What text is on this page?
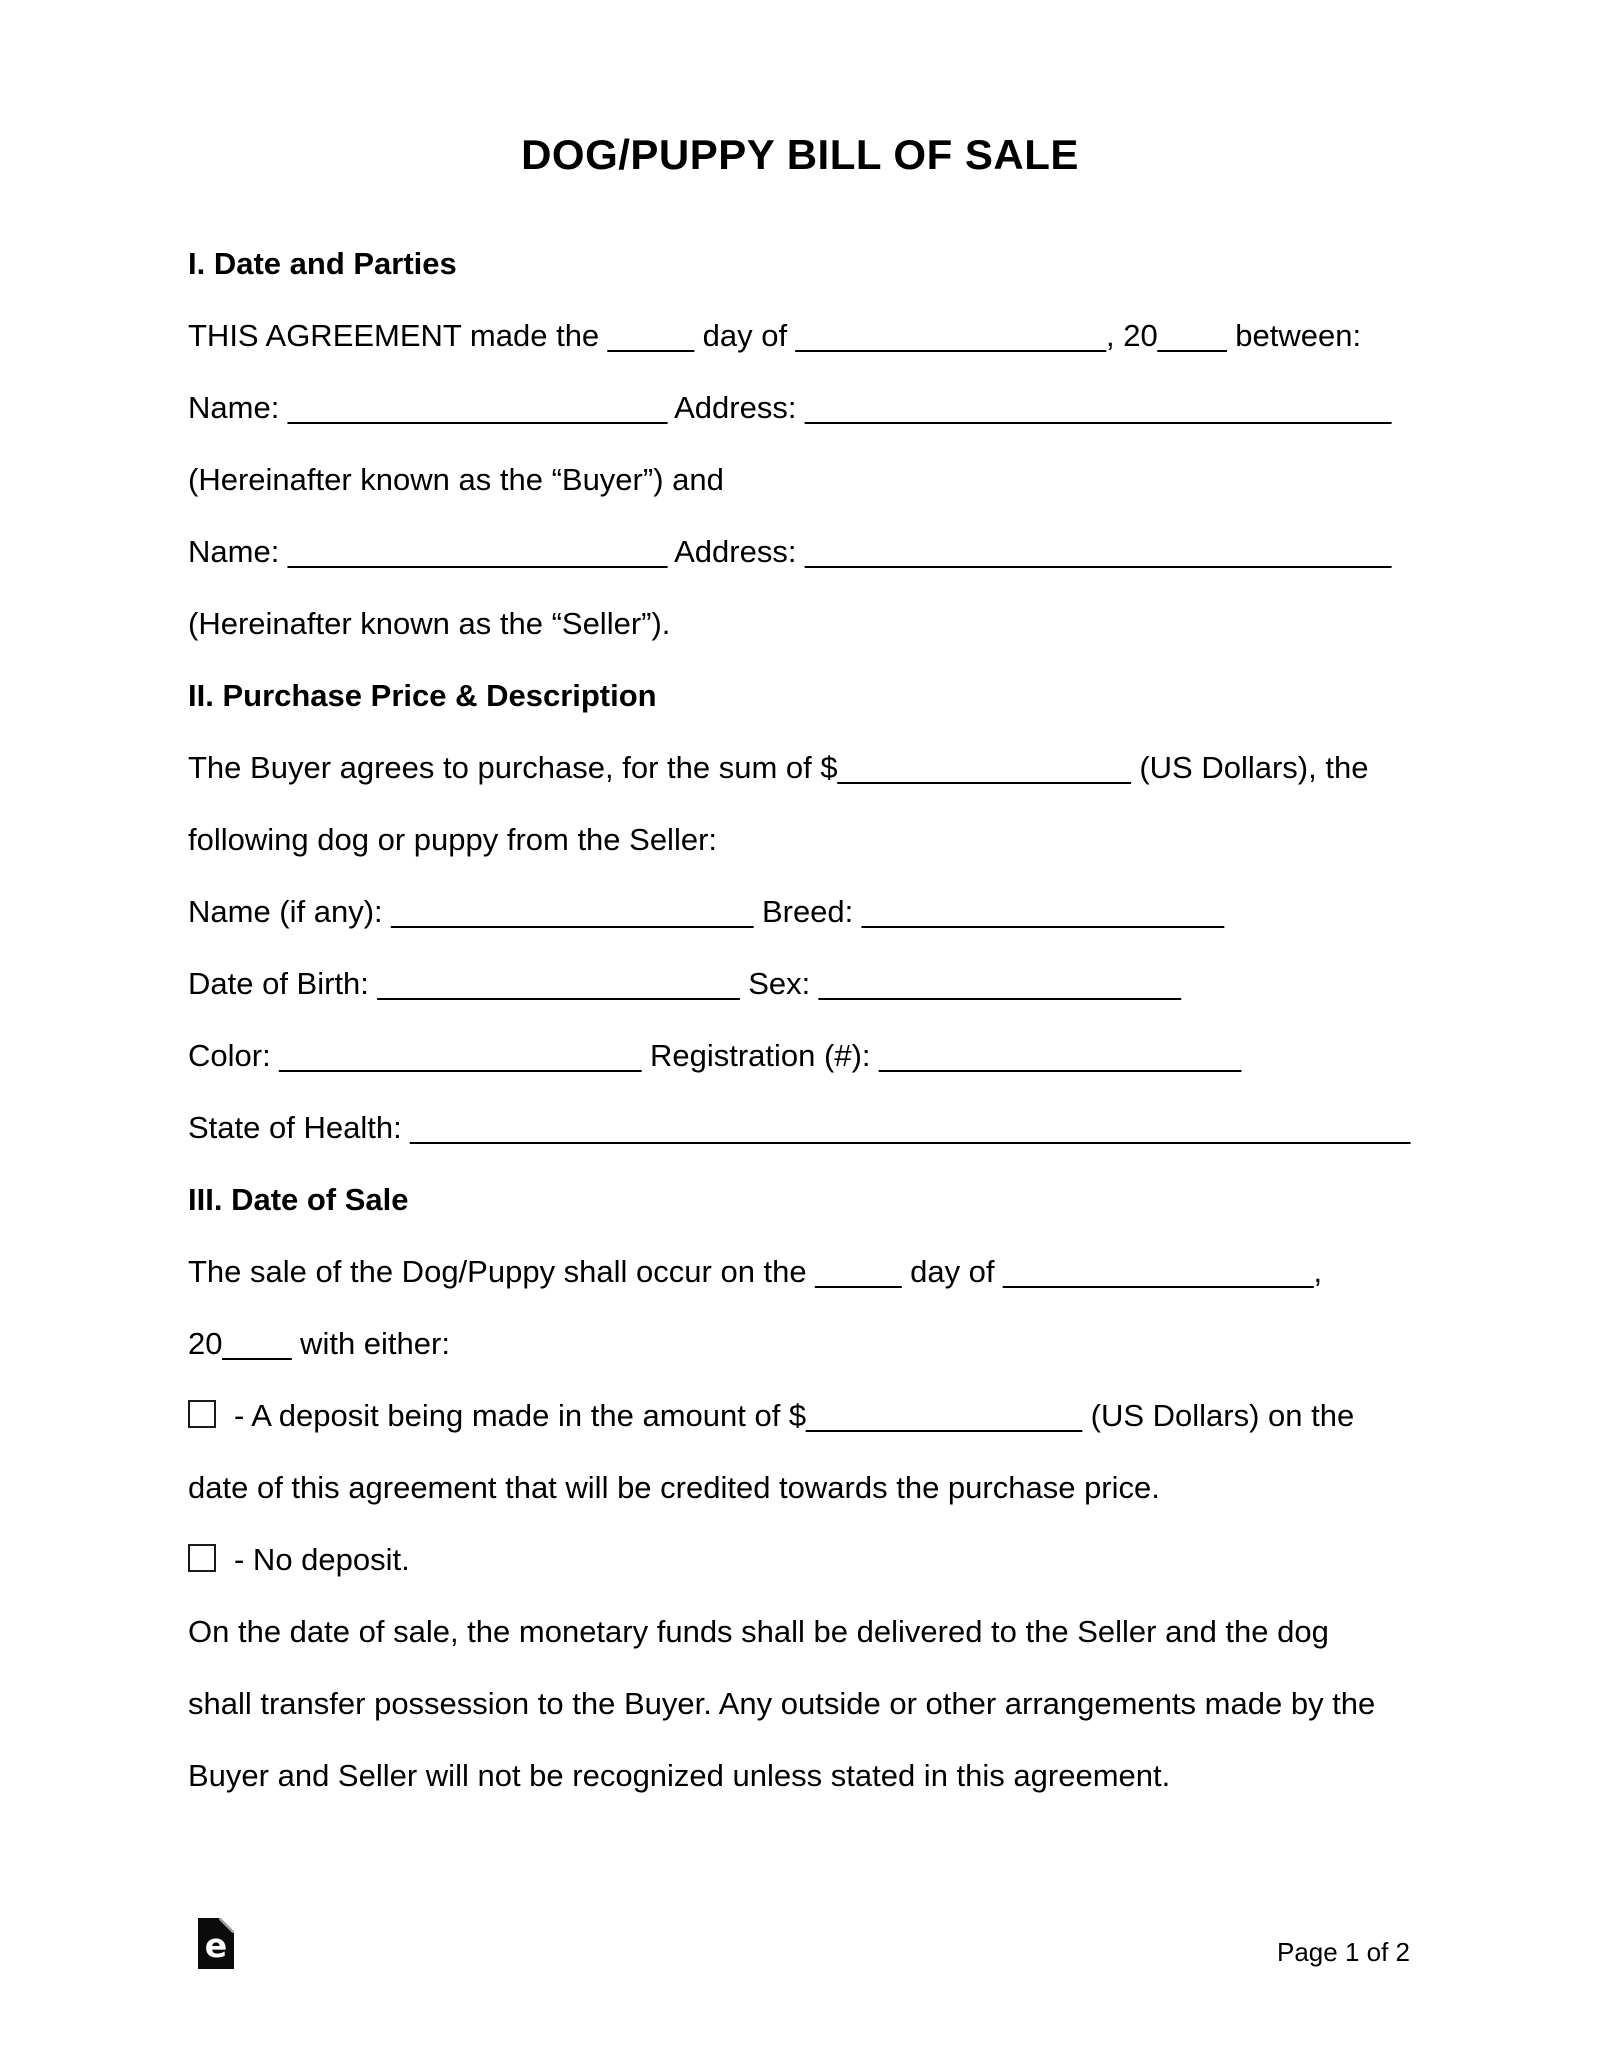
DOG/PUPPY BILL OF SALE
I. Date and Parties
THIS AGREEMENT made the _____ day of __________________, 20____ between:
Name: ______________________ Address: __________________________________
(Hereinafter known as the “Buyer”) and
Name: ______________________ Address: __________________________________
(Hereinafter known as the “Seller”).
II. Purchase Price & Description
The Buyer agrees to purchase, for the sum of $_________________ (US Dollars), the
following dog or puppy from the Seller:
Name (if any): _____________________ Breed: _____________________
Date of Birth: _____________________ Sex: _____________________
Color: _____________________ Registration (#): _____________________
State of Health: __________________________________________________________
III. Date of Sale
The sale of the Dog/Puppy shall occur on the _____ day of __________________,
20____ with either:
- A deposit being made in the amount of $________________ (US Dollars) on the
date of this agreement that will be credited towards the purchase price.
- No deposit.
On the date of sale, the monetary funds shall be delivered to the Seller and the dog
shall transfer possession to the Buyer. Any outside or other arrangements made by the
Buyer and Seller will not be recognized unless stated in this agreement.
e	Page 1 of 2
